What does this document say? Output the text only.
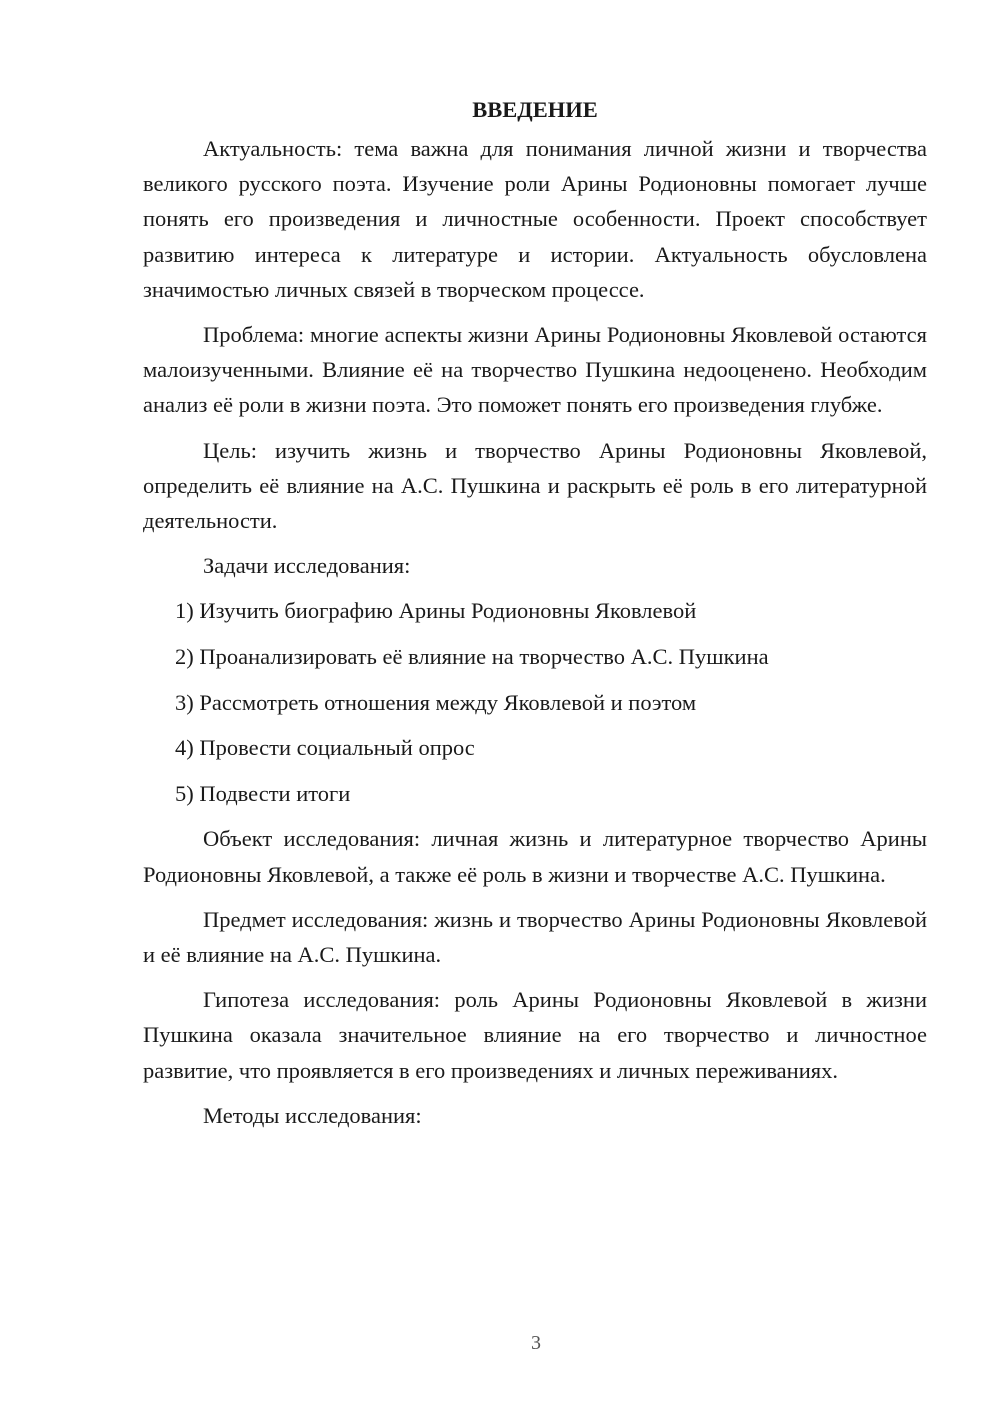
ВВЕДЕНИЕ

Актуальность: тема важна для понимания личной жизни и творчества великого русского поэта. Изучение роли Арины Родионовны помогает лучше понять его произведения и личностные особенности. Проект способствует развитию интереса к литературе и истории. Актуальность обусловлена значимостью личных связей в творческом процессе.

Проблема: многие аспекты жизни Арины Родионовны Яковлевой остаются малоизученными. Влияние её на творчество Пушкина недооценено. Необходим анализ её роли в жизни поэта. Это поможет понять его произведения глубже.

Цель: изучить жизнь и творчество Арины Родионовны Яковлевой, определить её влияние на А.С. Пушкина и раскрыть её роль в его литературной деятельности.

Задачи исследования:

1) Изучить биографию Арины Родионовны Яковлевой
2) Проанализировать её влияние на творчество А.С. Пушкина
3) Рассмотреть отношения между Яковлевой и поэтом
4) Провести социальный опрос
5) Подвести итоги

Объект исследования: личная жизнь и литературное творчество Арины Родионовны Яковлевой, а также её роль в жизни и творчестве А.С. Пушкина.

Предмет исследования: жизнь и творчество Арины Родионовны Яковлевой и её влияние на А.С. Пушкина.

Гипотеза исследования: роль Арины Родионовны Яковлевой в жизни Пушкина оказала значительное влияние на его творчество и личностное развитие, что проявляется в его произведениях и личных переживаниях.

Методы исследования:

3
